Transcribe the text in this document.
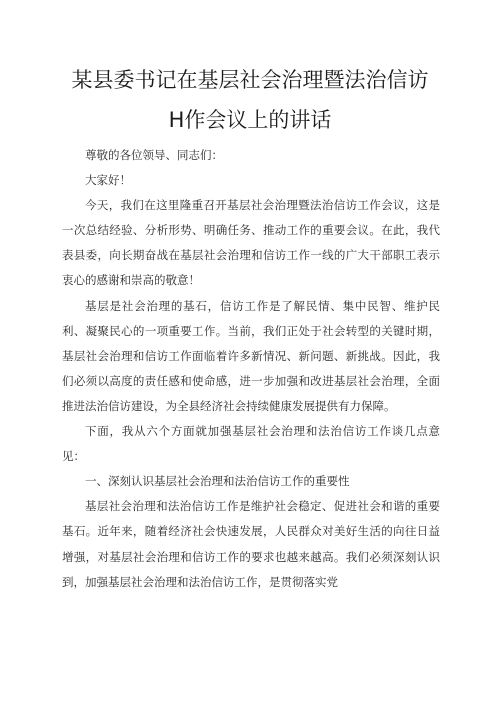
某县委书记在基层社会治理暨法治信访
H作会议上的讲话

尊敬的各位领导、同志们：

大家好！

今天，我们在这里隆重召开基层社会治理暨法治信访工作会议，这是一次总结经验、分析形势、明确任务、推动工作的重要会议。在此，我代表县委，向长期奋战在基层社会治理和信访工作一线的广大干部职工表示衷心的感谢和崇高的敬意！

基层是社会治理的基石，信访工作是了解民情、集中民智、维护民利、凝聚民心的一项重要工作。当前，我们正处于社会转型的关键时期，基层社会治理和信访工作面临着许多新情况、新问题、新挑战。因此，我们必须以高度的责任感和使命感，进一步加强和改进基层社会治理，全面推进法治信访建设，为全县经济社会持续健康发展提供有力保障。

下面，我从六个方面就加强基层社会治理和法治信访工作谈几点意见：

一、深刻认识基层社会治理和法治信访工作的重要性

基层社会治理和法治信访工作是维护社会稳定、促进社会和谐的重要基石。近年来，随着经济社会快速发展，人民群众对美好生活的向往日益增强，对基层社会治理和信访工作的要求也越来越高。我们必须深刻认识到，加强基层社会治理和法治信访工作，是贯彻落实党
